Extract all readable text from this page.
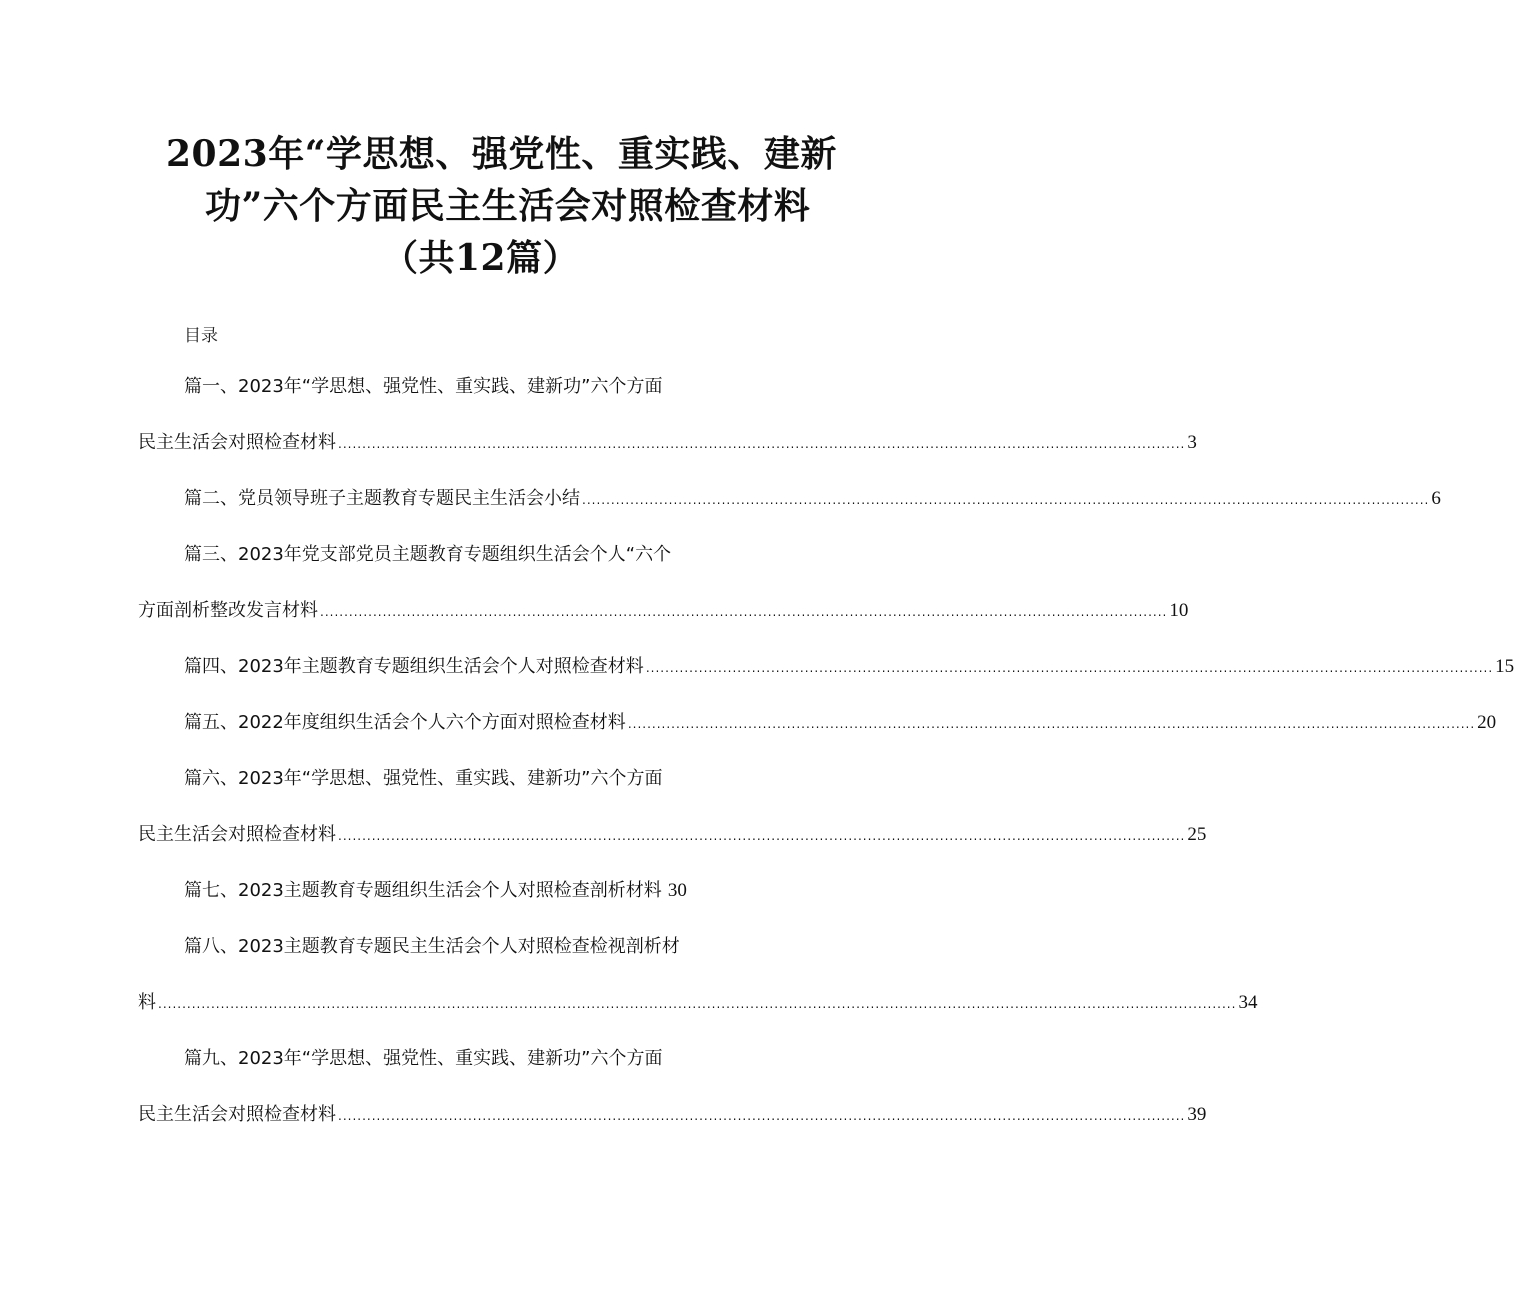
2023年“学思想、强党性、重实践、建新
功”六个方面民主生活会对照检查材料
（共12篇）
目录
篇一、2023年“学思想、强党性、重实践、建新功”六个方面
民主生活会对照检查材料 ................................................................................................................................................................................ 3
篇二、党员领导班子主题教育专题民主生活会小结 ................................................................................................................................................................................ 6
篇三、2023年党支部党员主题教育专题组织生活会个人“六个
方面剖析整改发言材料 ................................................................................................................................................................................ 10
篇四、2023年主题教育专题组织生活会个人对照检查材料 ................................................................................................................................................................................ 15
篇五、2022年度组织生活会个人六个方面对照检查材料 ................................................................................................................................................................................ 20
篇六、2023年“学思想、强党性、重实践、建新功”六个方面
民主生活会对照检查材料 ................................................................................................................................................................................ 25
篇七、2023主题教育专题组织生活会个人对照检查剖析材料 30
篇八、2023主题教育专题民主生活会个人对照检查检视剖析材
料 ................................................................................................................................................................................................................................ 34
篇九、2023年“学思想、强党性、重实践、建新功”六个方面
民主生活会对照检查材料 ................................................................................................................................................................................ 39
